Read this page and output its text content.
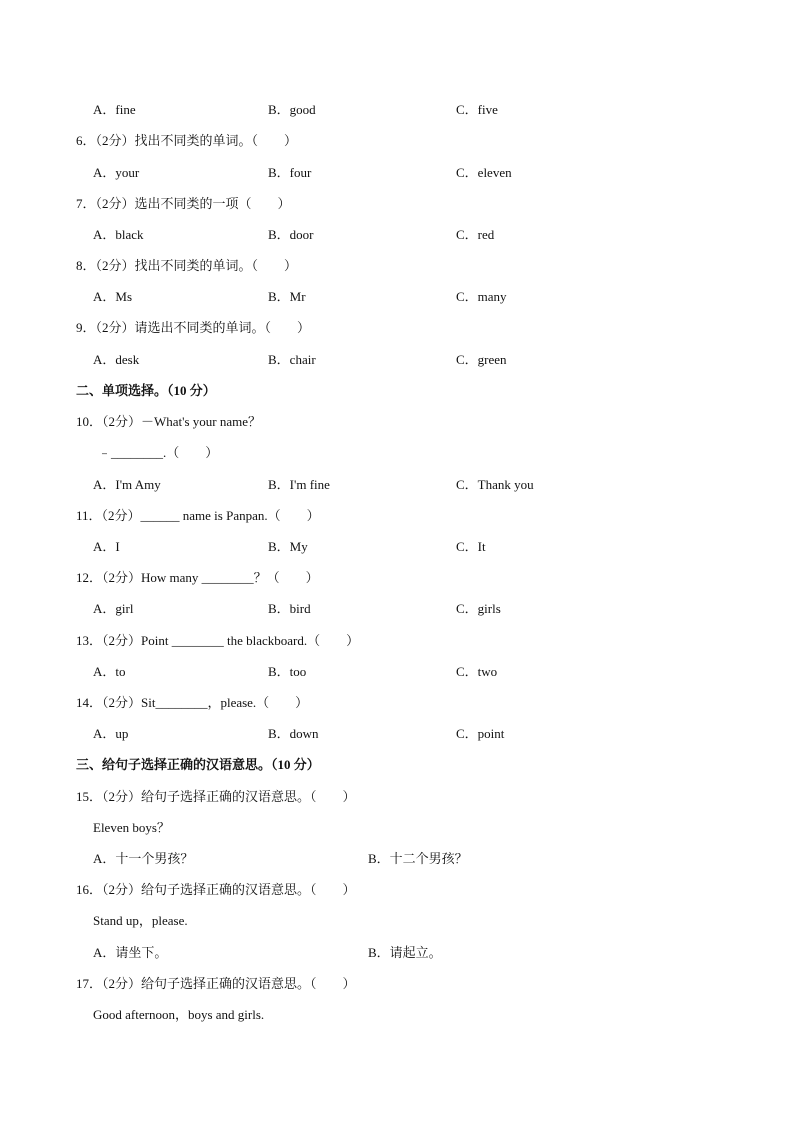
A．fine	B．good	C．five
6．（2分）找出不同类的单词。（　　）
A．your	B．four	C．eleven
7．（2分）选出不同类的一项（　　）
A．black	B．door	C．red
8．（2分）找出不同类的单词。（　　）
A．Ms	B．Mr	C．many
9．（2分）请选出不同类的单词。（　　）
A．desk	B．chair	C．green
二、单项选择。（10 分）
10．（2分）－What's your name？
﹣________.（　　）
A．I'm Amy	B．I'm fine	C．Thank you
11．（2分）______ name is Panpan.（　　）
A．I	B．My	C．It
12．（2分）How many ________？（　　）
A．girl	B．bird	C．girls
13．（2分）Point ________ the blackboard.（　　）
A．to	B．too	C．two
14．（2分）Sit________，please.（　　）
A．up	B．down	C．point
三、给句子选择正确的汉语意思。（10 分）
15．（2分）给句子选择正确的汉语意思。（　　）
Eleven boys？
A．十一个男孩？	B．十二个男孩？
16．（2分）给句子选择正确的汉语意思。（　　）
Stand up，please.
A．请坐下。	B．请起立。
17．（2分）给句子选择正确的汉语意思。（　　）
Good afternoon，boys and girls.
